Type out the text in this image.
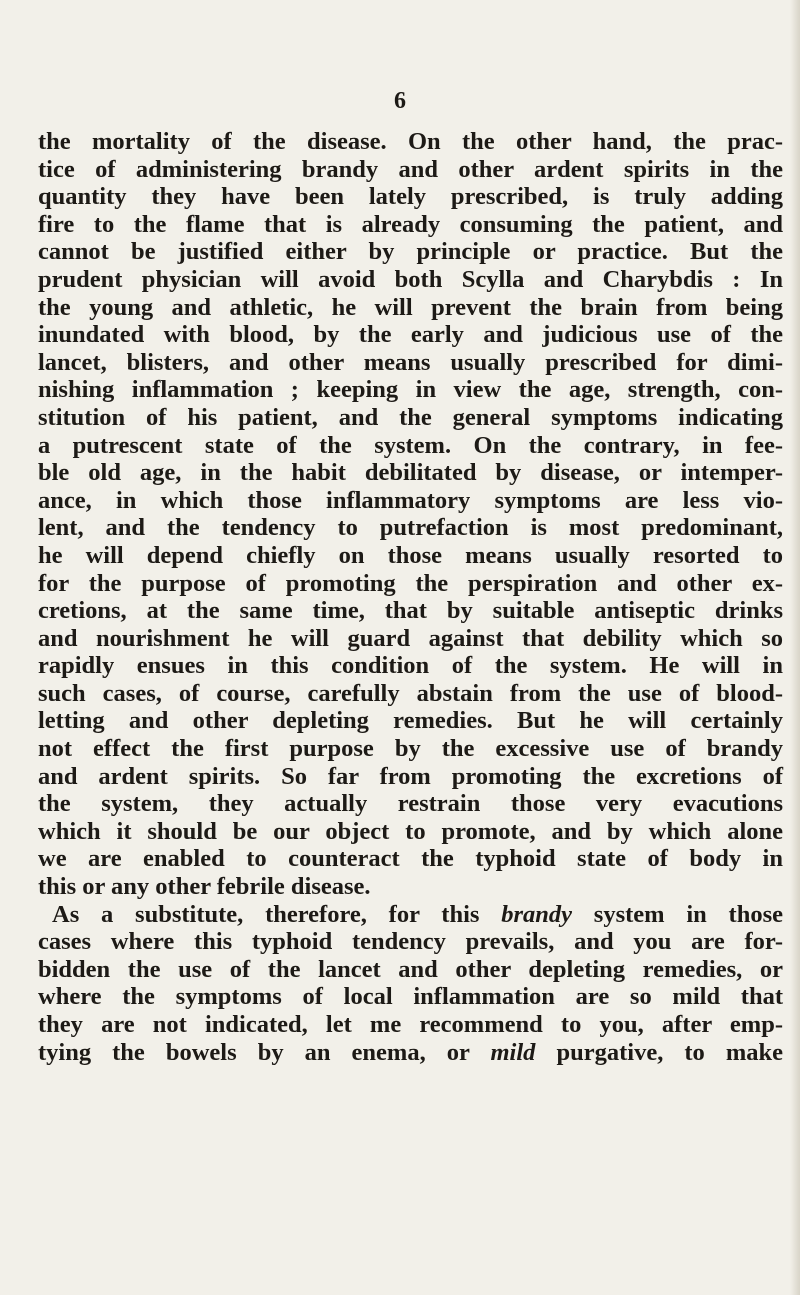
6
the mortality of the disease. On the other hand, the prac-
tice of administering brandy and other ardent spirits in the
quantity they have been lately prescribed, is truly adding
fire to the flame that is already consuming the patient, and
cannot be justified either by principle or practice. But the
prudent physician will avoid both Scylla and Charybdis : In
the young and athletic, he will prevent the brain from being
inundated with blood, by the early and judicious use of the
lancet, blisters, and other means usually prescribed for dimi-
nishing inflammation ; keeping in view the age, strength, con-
stitution of his patient, and the general symptoms indicating
a putrescent state of the system. On the contrary, in fee-
ble old age, in the habit debilitated by disease, or intemper-
ance, in which those inflammatory symptoms are less vio-
lent, and the tendency to putrefaction is most predominant,
he will depend chiefly on those means usually resorted to
for the purpose of promoting the perspiration and other ex-
cretions, at the same time, that by suitable antiseptic drinks
and nourishment he will guard against that debility which so
rapidly ensues in this condition of the system. He will in
such cases, of course, carefully abstain from the use of blood-
letting and other depleting remedies. But he will certainly
not effect the first purpose by the excessive use of brandy
and ardent spirits. So far from promoting the excretions of
the system, they actually restrain those very evacutions
which it should be our object to promote, and by which alone
we are enabled to counteract the typhoid state of body in
this or any other febrile disease.
As a substitute, therefore, for this brandy system in those
cases where this typhoid tendency prevails, and you are for-
bidden the use of the lancet and other depleting remedies, or
where the symptoms of local inflammation are so mild that
they are not indicated, let me recommend to you, after emp-
tying the bowels by an enema, or mild purgative, to make
